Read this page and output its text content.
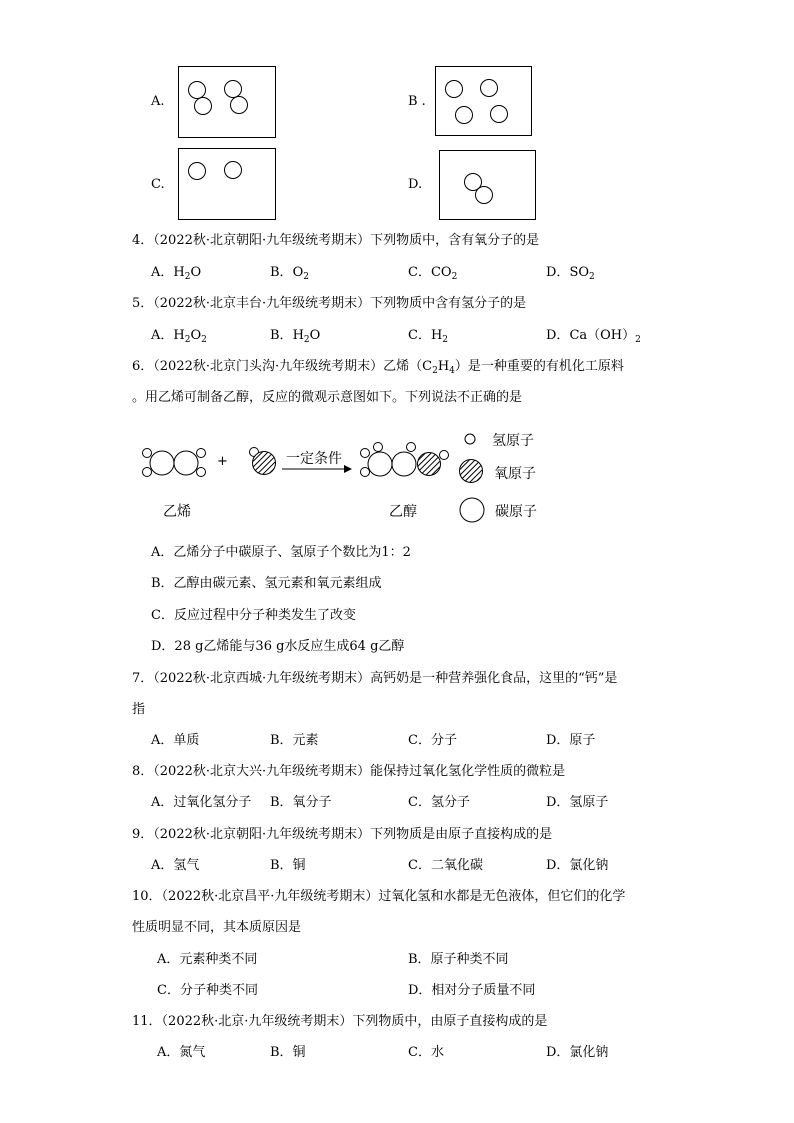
A.	B .
C.	D.
4．（2022秋·北京朝阳·九年级统考期末）下列物质中，含有氧分子的是
A．$H_2O$	B．$O_2$	C．$CO_2$	D．$SO_2$
5．（2022秋·北京丰台·九年级统考期末）下列物质中含有氢分子的是
A．$H_2O_2$	B．$H_2O$	C．$H_2$	D．$Ca(OH)_2$
6．（2022秋·北京门头沟·九年级统考期末）乙烯$(C_2H_4)$是一种重要的有机化工原料
。用乙烯可制备乙醇，反应的微观示意图如下。下列说法不正确的是
+	一定条件
乙烯	乙醇
氢原子
氧原子
碳原子
A．乙烯分子中碳原子、氢原子个数比为1：2
B．乙醇由碳元素、氢元素和氧元素组成
C．反应过程中分子种类发生了改变
D．28 g乙烯能与36 g水反应生成64 g乙醇
7．（2022秋·北京西城·九年级统考期末）高钙奶是一种营养强化食品，这里的“钙”是
指
A．单质	B．元素	C．分子	D．原子
8．（2022秋·北京大兴·九年级统考期末）能保持过氧化氢化学性质的微粒是
A．过氧化氢分子 B．氧分子	C．氢分子	D．氢原子
9．（2022秋·北京朝阳·九年级统考期末）下列物质是由原子直接构成的是
A．氢气	B．铜	C．二氧化碳	D．氯化钠
10．（2022秋·北京昌平·九年级统考期末）过氧化氢和水都是无色液体，但它们的化学
性质明显不同，其本质原因是
A．元素种类不同	B．原子种类不同
C．分子种类不同	D．相对分子质量不同
11．（2022秋·北京·九年级统考期末）下列物质中，由原子直接构成的是
A．氮气	B．铜	C．水	D．氯化钠
